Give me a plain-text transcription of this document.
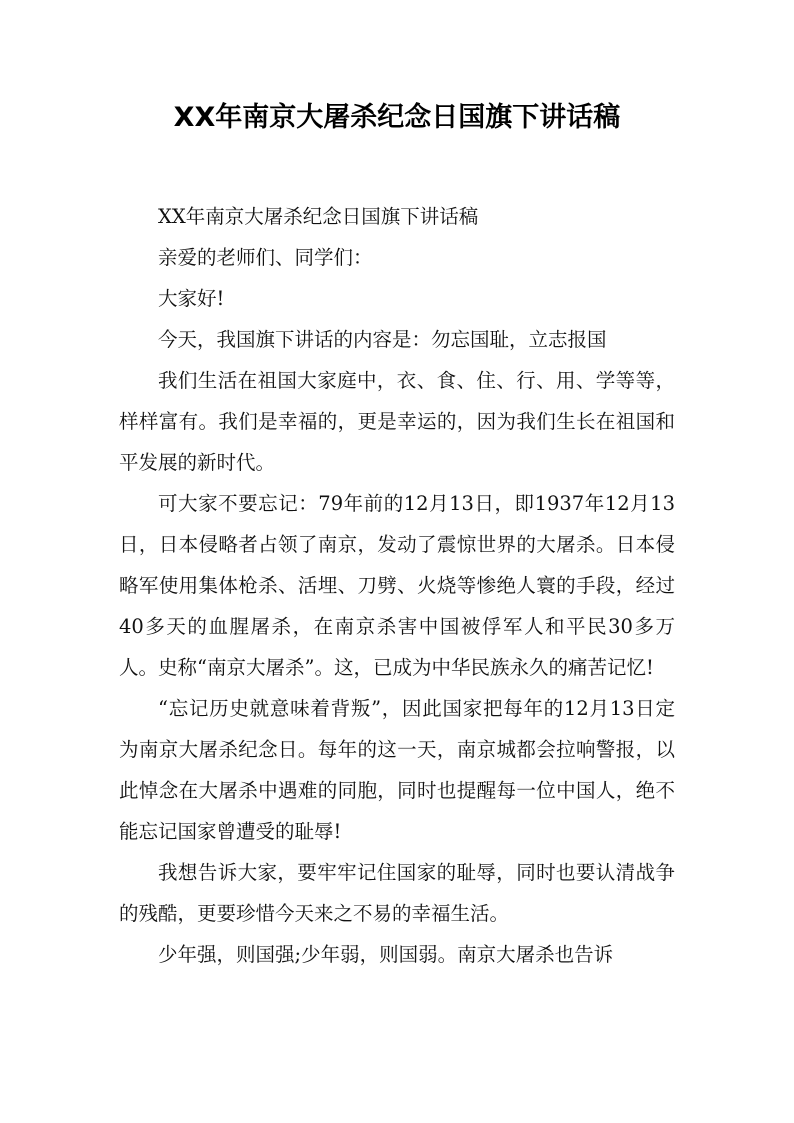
XX年南京大屠杀纪念日国旗下讲话稿

XX年南京大屠杀纪念日国旗下讲话稿

亲爱的老师们、同学们：

大家好!

今天，我国旗下讲话的内容是：勿忘国耻，立志报国

我们生活在祖国大家庭中，衣、食、住、行、用、学等等，样样富有。我们是幸福的，更是幸运的，因为我们生长在祖国和平发展的新时代。

可大家不要忘记：79年前的12月13日，即1937年12月13日，日本侵略者占领了南京，发动了震惊世界的大屠杀。日本侵略军使用集体枪杀、活埋、刀劈、火烧等惨绝人寰的手段，经过40多天的血腥屠杀，在南京杀害中国被俘军人和平民30多万人。史称“南京大屠杀”。这，已成为中华民族永久的痛苦记忆!

“忘记历史就意味着背叛”，因此国家把每年的12月13日定为南京大屠杀纪念日。每年的这一天，南京城都会拉响警报，以此悼念在大屠杀中遇难的同胞，同时也提醒每一位中国人，绝不能忘记国家曾遭受的耻辱!

我想告诉大家，要牢牢记住国家的耻辱，同时也要认清战争的残酷，更要珍惜今天来之不易的幸福生活。

少年强，则国强;少年弱，则国弱。南京大屠杀也告诉
